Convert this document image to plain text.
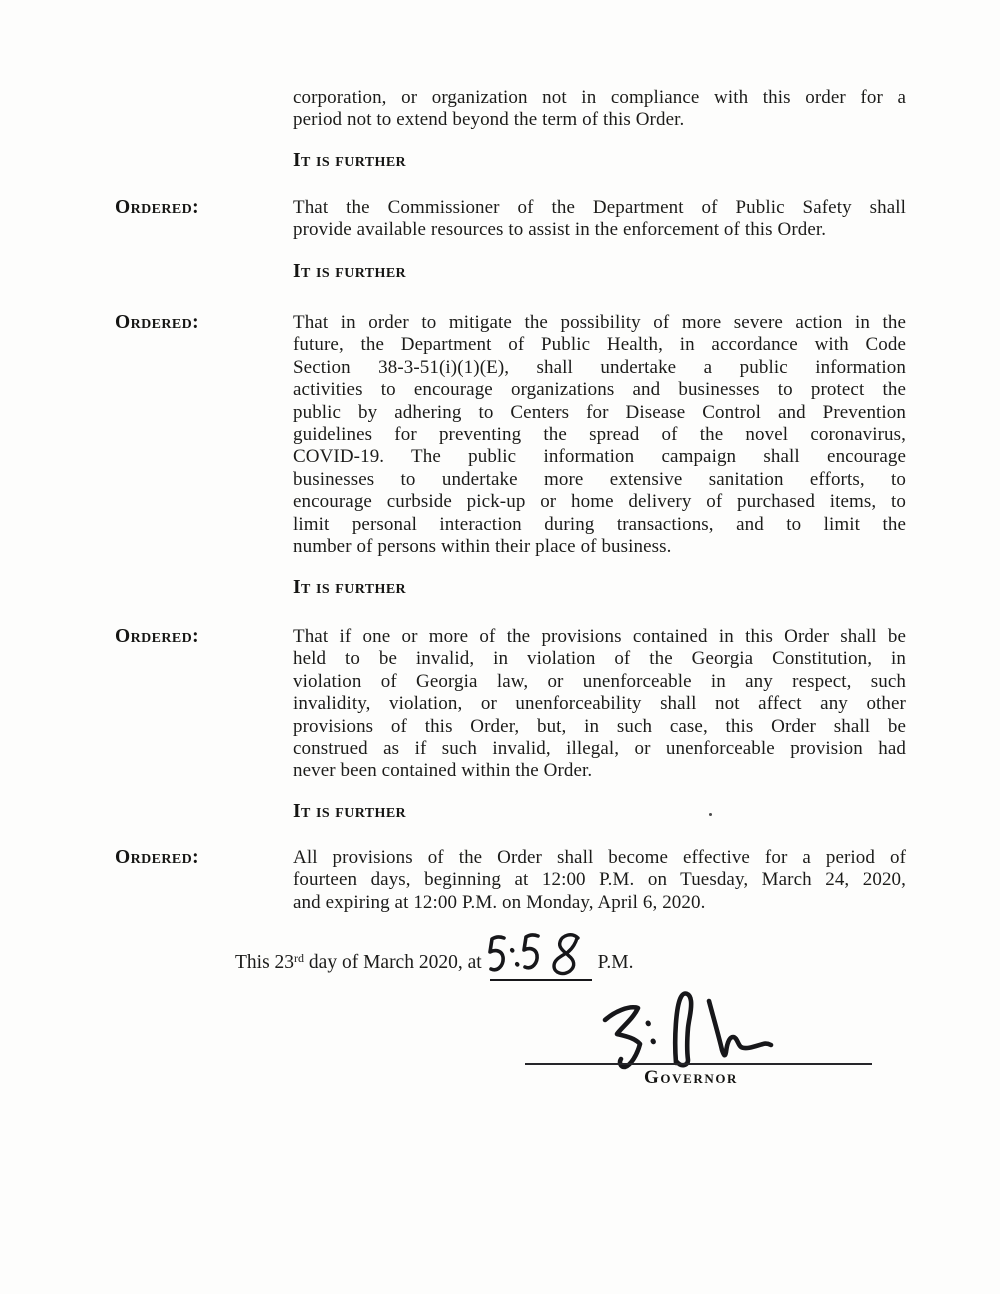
corporation, or organization not in compliance with this order for a
period not to extend beyond the term of this Order.
It is further
Ordered:	That the Commissioner of the Department of Public Safety shall
provide available resources to assist in the enforcement of this Order.
It is further
Ordered:	That in order to mitigate the possibility of more severe action in the
future, the Department of Public Health, in accordance with Code
Section 38-3-51(i)(1)(E), shall undertake a public information
activities to encourage organizations and businesses to protect the
public by adhering to Centers for Disease Control and Prevention
guidelines for preventing the spread of the novel coronavirus,
COVID-19. The public information campaign shall encourage
businesses to undertake more extensive sanitation efforts, to
encourage curbside pick-up or home delivery of purchased items, to
limit personal interaction during transactions, and to limit the
number of persons within their place of business.
It is further
Ordered:	That if one or more of the provisions contained in this Order shall be
held to be invalid, in violation of the Georgia Constitution, in
violation of Georgia law, or unenforceable in any respect, such
invalidity, violation, or unenforceability shall not affect any other
provisions of this Order, but, in such case, this Order shall be
construed as if such invalid, illegal, or unenforceable provision had
never been contained within the Order.
It is further
Ordered:	All provisions of the Order shall become effective for a period of
fourteen days, beginning at 12:00 P.M. on Tuesday, March 24, 2020,
and expiring at 12:00 P.M. on Monday, April 6, 2020.
This 23rd day of March 2020, at	P.M.
Governor
